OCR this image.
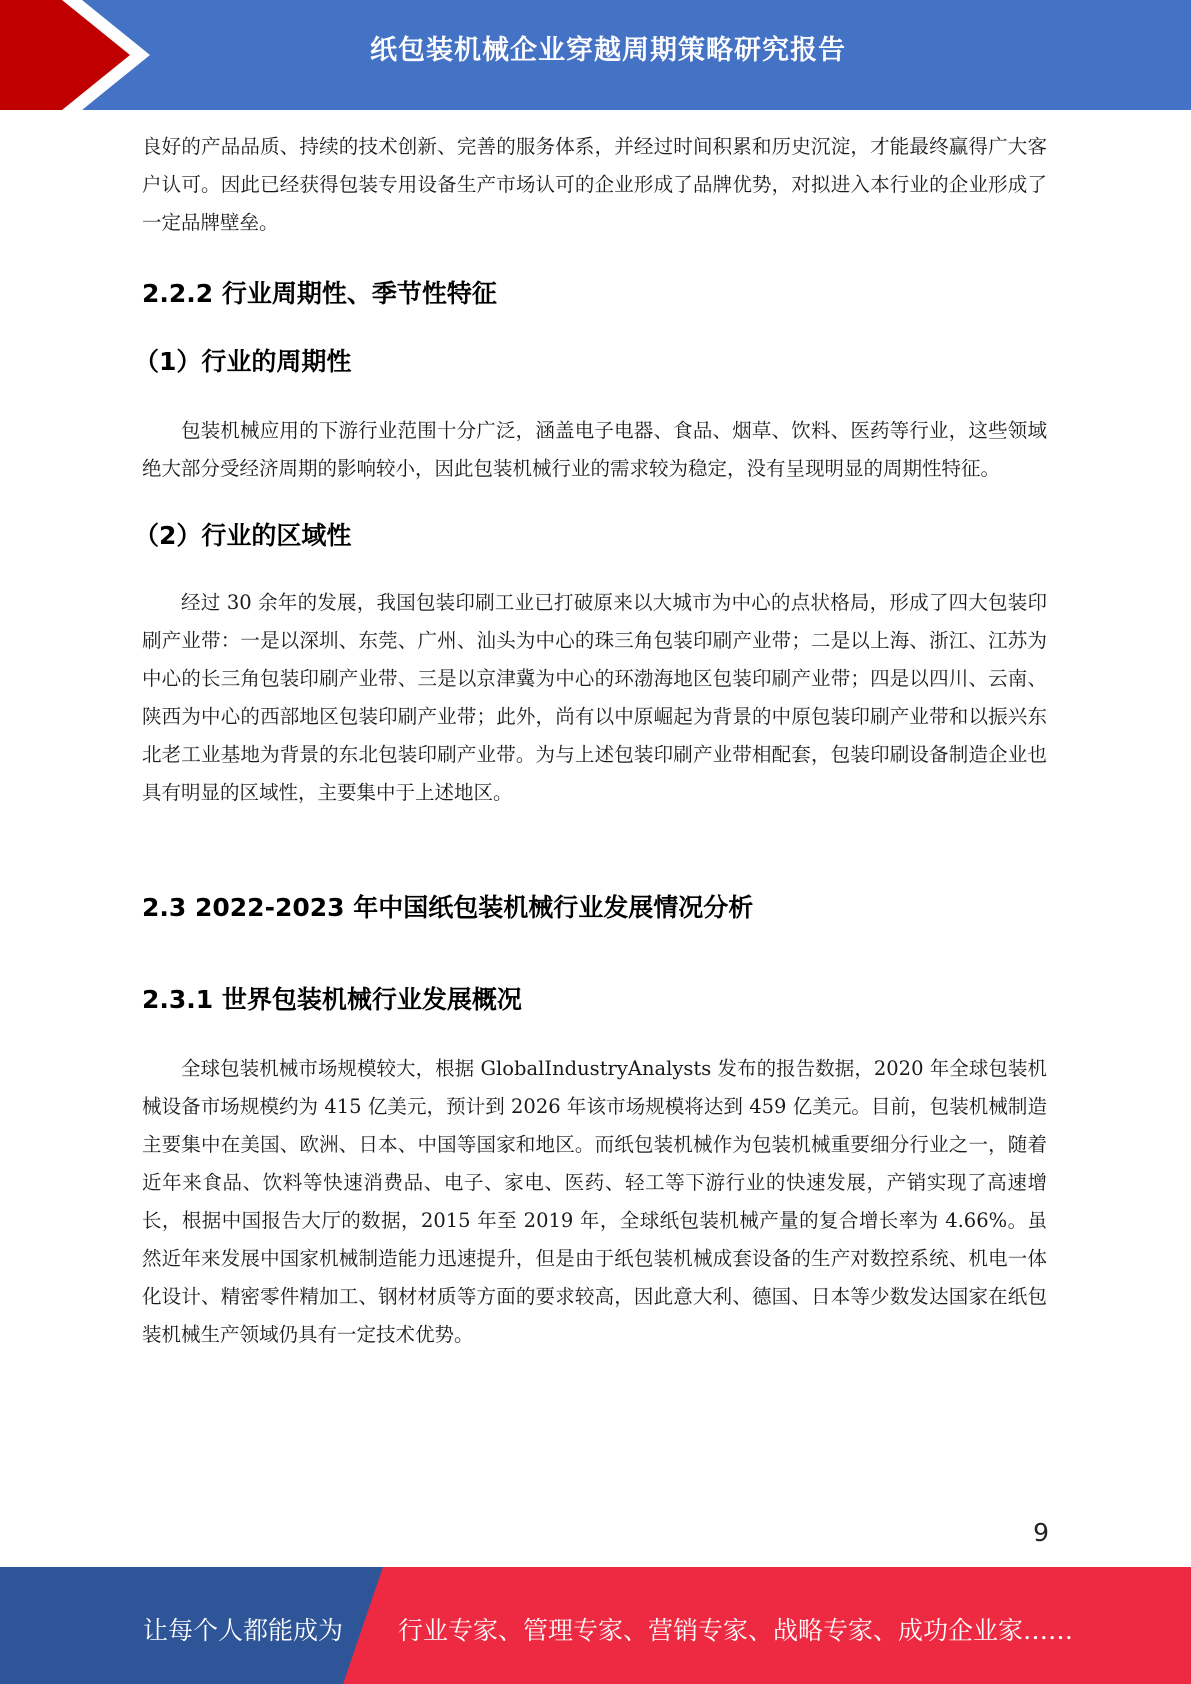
纸包装机械企业穿越周期策略研究报告

良好的产品品质、持续的技术创新、完善的服务体系，并经过时间积累和历史沉淀，才能最终赢得广大客户认可。因此已经获得包装专用设备生产市场认可的企业形成了品牌优势，对拟进入本行业的企业形成了一定品牌壁垒。

2.2.2 行业周期性、季节性特征
（1）行业的周期性

包装机械应用的下游行业范围十分广泛，涵盖电子电器、食品、烟草、饮料、医药等行业，这些领域绝大部分受经济周期的影响较小，因此包装机械行业的需求较为稳定，没有呈现明显的周期性特征。

（2）行业的区域性

经过 30 余年的发展，我国包装印刷工业已打破原来以大城市为中心的点状格局，形成了四大包装印刷产业带：一是以深圳、东莞、广州、汕头为中心的珠三角包装印刷产业带；二是以上海、浙江、江苏为中心的长三角包装印刷产业带、三是以京津冀为中心的环渤海地区包装印刷产业带；四是以四川、云南、陕西为中心的西部地区包装印刷产业带；此外，尚有以中原崛起为背景的中原包装印刷产业带和以振兴东北老工业基地为背景的东北包装印刷产业带。为与上述包装印刷产业带相配套，包装印刷设备制造企业也具有明显的区域性，主要集中于上述地区。

2.3 2022-2023 年中国纸包装机械行业发展情况分析
2.3.1 世界包装机械行业发展概况

全球包装机械市场规模较大，根据 GlobalIndustryAnalysts 发布的报告数据，2020 年全球包装机械设备市场规模约为 415 亿美元，预计到 2026 年该市场规模将达到 459 亿美元。目前，包装机械制造主要集中在美国、欧洲、日本、中国等国家和地区。而纸包装机械作为包装机械重要细分行业之一，随着近年来食品、饮料等快速消费品、电子、家电、医药、轻工等下游行业的快速发展，产销实现了高速增长，根据中国报告大厅的数据，2015 年至 2019 年，全球纸包装机械产量的复合增长率为 4.66%。虽然近年来发展中国家机械制造能力迅速提升，但是由于纸包装机械成套设备的生产对数控系统、机电一体化设计、精密零件精加工、钢材材质等方面的要求较高，因此意大利、德国、日本等少数发达国家在纸包装机械生产领域仍具有一定技术优势。

9
让每个人都能成为 行业专家、管理专家、营销专家、战略专家、成功企业家……
